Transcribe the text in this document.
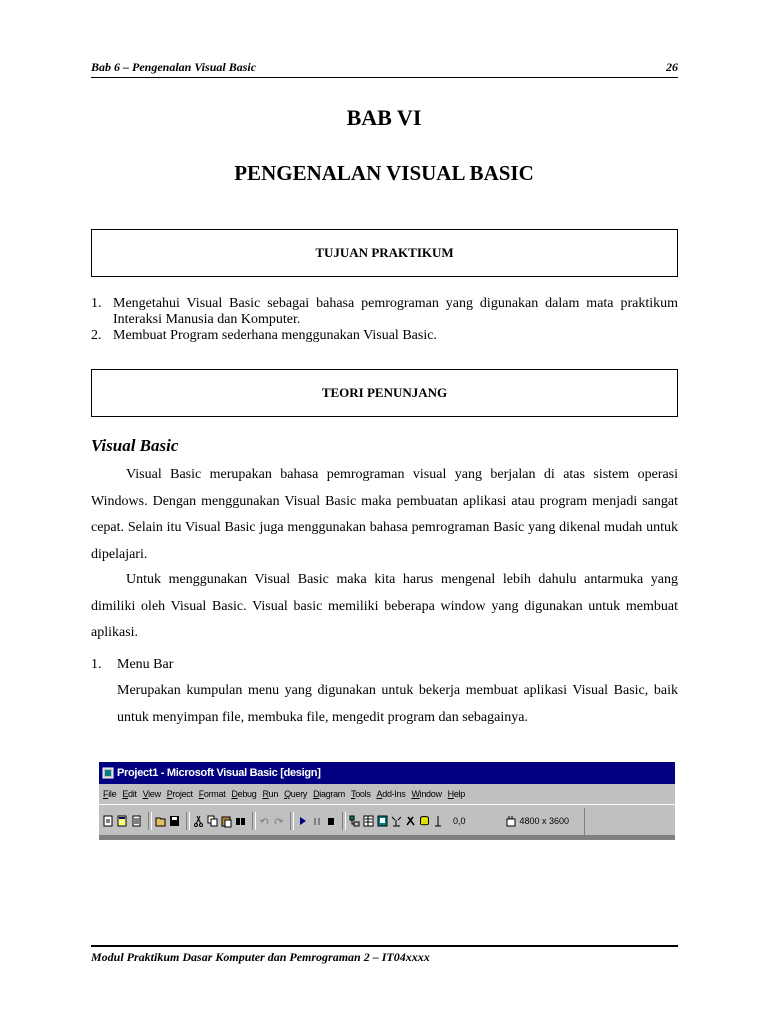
Bab 6 – Pengenalan Visual Basic	26
BAB VI
PENGENALAN VISUAL BASIC
TUJUAN PRAKTIKUM
1. Mengetahui Visual Basic sebagai bahasa pemrograman yang digunakan dalam mata praktikum Interaksi Manusia dan Komputer.
2. Membuat Program sederhana menggunakan Visual Basic.
TEORI PENUNJANG
Visual Basic

Visual Basic merupakan bahasa pemrograman visual yang berjalan di atas sistem operasi Windows. Dengan menggunakan Visual Basic maka pembuatan aplikasi atau program menjadi sangat cepat. Selain itu Visual Basic juga menggunakan bahasa pemrograman Basic yang dikenal mudah untuk dipelajari.

Untuk menggunakan Visual Basic maka kita harus mengenal lebih dahulu antarmuka yang dimiliki oleh Visual Basic. Visual basic memiliki beberapa window yang digunakan untuk membuat aplikasi.

1. Menu Bar

Merupakan kumpulan menu yang digunakan untuk bekerja membuat aplikasi Visual Basic, baik untuk menyimpan file, membuka file, mengedit program dan sebagainya.

Project1 - Microsoft Visual Basic [design]
File Edit View Project Format Debug Run Query Diagram Tools Add-Ins Window Help
0,0	4800 x 3600
Modul Praktikum Dasar Komputer dan Pemrograman 2 – IT04xxxx
